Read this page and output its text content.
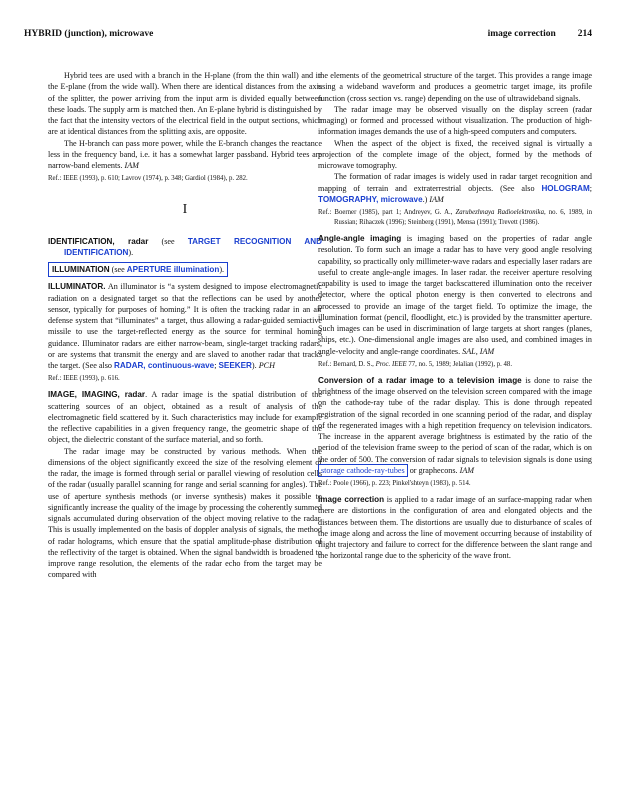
HYBRID (junction), microwave	image correction 214

Hybrid tees are used with a branch in the H-plane (from the thin wall) and in the E-plane (from the wide wall). When there are identical distances from the axis of the splitter, the power arriving from the input arm is divided equally between these loads. The supply arm is matched then. An E-plane hybrid is distinguished by the fact that the intensity vectors of the electrical field in the output sections, which are at identical distances from the splitting axis, are opposite.

The H-branch can pass more power, while the E-branch changes the reactance less in the frequency band, i.e. it has a somewhat larger passband. Hybrid tees are narrow-band elements. IAM

Ref.: IEEE (1993), p. 610; Lavrov (1974), p. 348; Gardiol (1984), p. 282.

I

IDENTIFICATION, radar (see TARGET RECOGNITION AND IDENTIFICATION).

ILLUMINATION (see APERTURE illumination).

ILLUMINATOR. An illuminator is “a system designed to impose electromagnetic radiation on a designated target so that the reflections can be used by another sensor, typically for purposes of homing.” It is often the tracking radar in an air defense system that “illuminates” a target, thus allowing a radar-guided semiactive missile to use the target-reflected energy as the source for terminal homing guidance. Illuminator radars are either narrow-beam, single-target tracking radars, or are systems that transmit the energy and are slaved to another radar that tracks the target. (See also RADAR, continuous-wave; SEEKER). PCH

Ref.: IEEE (1993), p. 616.

IMAGE, IMAGING, radar. A radar image is the spatial distribution of the scattering sources of an object, obtained as a result of analysis of the electromagnetic field scattered by it. Such characteristics may include for example the reflective capabilities in a given frequency range, the geometric shape of the object, the dielectric constant of the surface material, and so forth.

The radar image may be constructed by various methods. When the dimensions of the object significantly exceed the size of the resolving element of the radar, the image is formed through serial or parallel viewing of resolution cells of the radar (usually parallel scanning for range and serial scanning for angles). The use of aperture synthesis methods (or inverse synthesis) makes it possible to significantly increase the quality of the image by processing the coherently summed signals accumulated during observation of the object moving relative to the radar. This is usually implemented on the basis of doppler analysis of signals, the method of radar holograms, which ensure that the spatial amplitude-phase distribution of the reflectivity of the target is obtained. When the signal bandwidth is broadened to improve range resolution, the elements of the radar echo from the target may be compared with

the elements of the geometrical structure of the target. This provides a range image using a wideband waveform and produces a geometric target image, its profile function (cross section vs. range) depending on the use of ultrawideband signals.

The radar image may be observed visually on the display screen (radar imaging) or formed and processed without visualization. The production of high-information images demands the use of a high-speed computers and computers.

When the aspect of the object is fixed, the received signal is virtually a projection of the complete image of the object, formed by the methods of microwave tomography.

The formation of radar images is widely used in radar target recognition and mapping of terrain and extraterrestrial objects. (See also HOLOGRAM; TOMOGRAPHY, microwave.) IAM

Ref.: Boerner (1985), part 1; Andreyev, G. A., Zarubezhnaya Radioelektronika, no. 6, 1989, in Russian; Rihaczek (1996); Steinberg (1991), Mensa (1991); Trevett (1986).

Angle-angle imaging is imaging based on the properties of radar angle resolution. To form such an image a radar has to have very good angle resolving capability, so practically only millimeter-wave radars and especially laser radars are useful to create angle-angle images. In laser radar. the receiver aperture resolving capability is used to image the target backscattered illumination onto the receiver detector, where the optical photon energy is then converted to electrons and processed to provide an image of the target field. To optimize the image, the illumination format (pencil, floodlight, etc.) is provided by the transmitter aperture. Such images can be used in discrimination of large targets at short ranges (planes, ships, etc.). One-dimensional angle images are also used, and combined images in angle-velocity and angle-range coordinates. SAL, IAM

Ref.: Bernard, D. S., Proc. IEEE 77, no. 5, 1989; Jelalian (1992), p. 48.

Conversion of a radar image to a television image is done to raise the brightness of the image observed on the television screen compared with the image on the cathode-ray tube of the radar display. This is done through repeated registration of the signal recorded in one scanning period of the radar, and display of the regenerated images with a high repetition frequency on television indicators. The increase in the apparent average brightness is estimated by the ratio of the period of the television frame sweep to the period of scan of the radar, which is on the order of 500. The conversion of radar signals to television signals is done using storage cathode-ray-tubes or graphecons. IAM

Ref.: Poole (1966), p. 223; Pinkel'shteyn (1983), p. 514.

Image correction is applied to a radar image of an surface-mapping radar when there are distortions in the configuration of area and elongated objects and the distances between them. The distortions are usually due to disturbance of scales of the image along and across the line of movement occurring because of instability of flight trajectory and failure to correct for the difference between the slant range and the horizontal range due to the sphericity of the wave front.
